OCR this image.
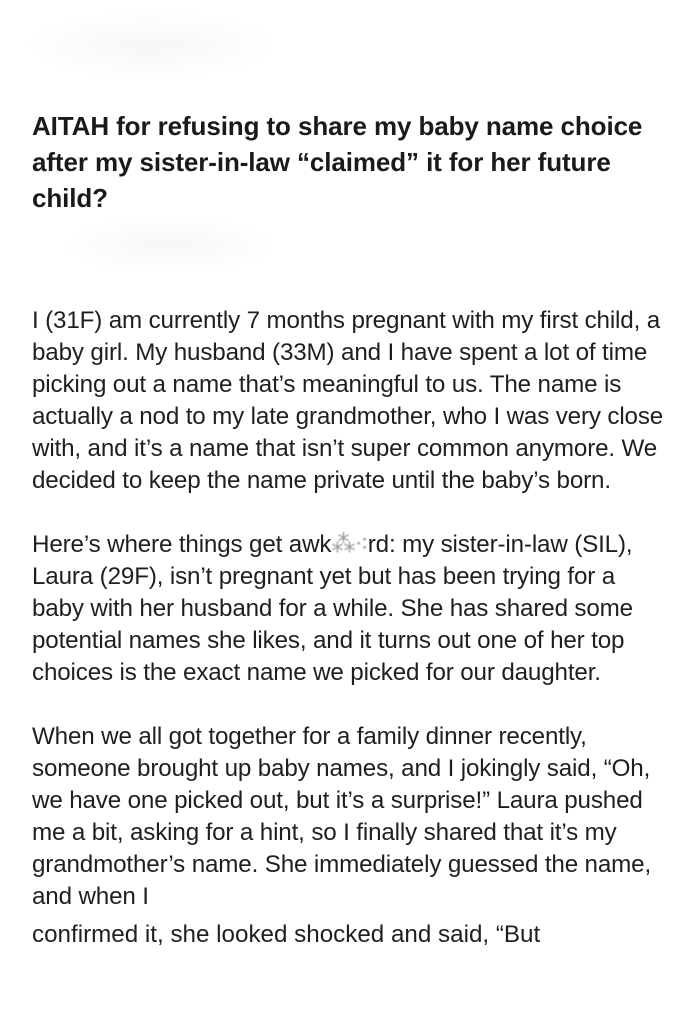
AITAH for refusing to share my baby name choice after my sister-in-law “claimed” it for her future child?

I (31F) am currently 7 months pregnant with my first child, a baby girl. My husband (33M) and I have spent a lot of time picking out a name that’s meaningful to us. The name is actually a nod to my late grandmother, who I was very close with, and it’s a name that isn’t super common anymore. We decided to keep the name private until the baby’s born.

Here’s where things get awk⁂⁖rd: my sister-in-law (SIL), Laura (29F), isn’t pregnant yet but has been trying for a baby with her husband for a while. She has shared some potential names she likes, and it turns out one of her top choices is the exact name we picked for our daughter.

When we all got together for a family dinner recently, someone brought up baby names, and I jokingly said, “Oh, we have one picked out, but it’s a surprise!” Laura pushed me a bit, asking for a hint, so I finally shared that it’s my grandmother’s name. She immediately guessed the name, and when I

confirmed it, she looked shocked and said, “But
